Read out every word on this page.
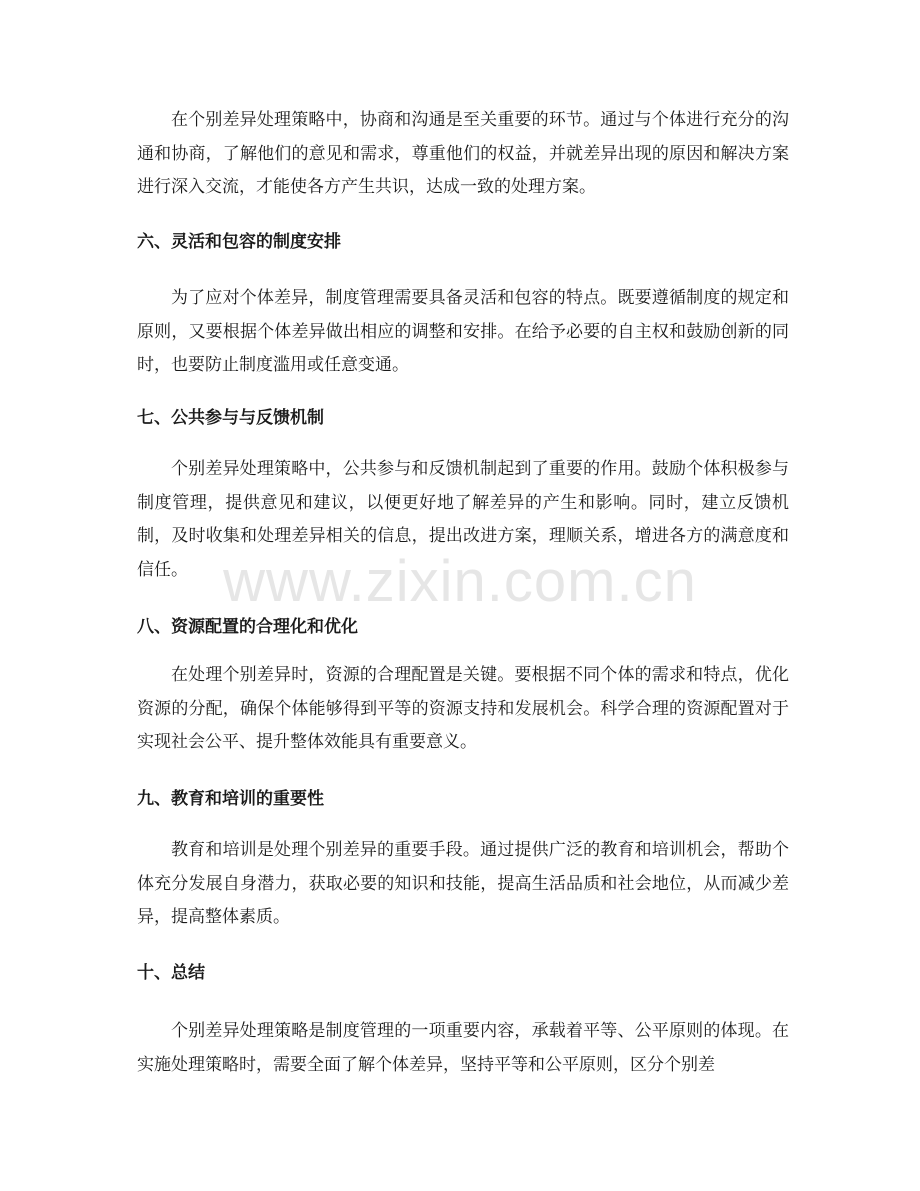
www.zixin.com.cn

在个别差异处理策略中，协商和沟通是至关重要的环节。通过与个体进行充分的沟通和协商，了解他们的意见和需求，尊重他们的权益，并就差异出现的原因和解决方案进行深入交流，才能使各方产生共识，达成一致的处理方案。

六、灵活和包容的制度安排

为了应对个体差异，制度管理需要具备灵活和包容的特点。既要遵循制度的规定和原则，又要根据个体差异做出相应的调整和安排。在给予必要的自主权和鼓励创新的同时，也要防止制度滥用或任意变通。

七、公共参与与反馈机制

个别差异处理策略中，公共参与和反馈机制起到了重要的作用。鼓励个体积极参与制度管理，提供意见和建议，以便更好地了解差异的产生和影响。同时，建立反馈机制，及时收集和处理差异相关的信息，提出改进方案，理顺关系，增进各方的满意度和信任。

八、资源配置的合理化和优化

在处理个别差异时，资源的合理配置是关键。要根据不同个体的需求和特点，优化资源的分配，确保个体能够得到平等的资源支持和发展机会。科学合理的资源配置对于实现社会公平、提升整体效能具有重要意义。

九、教育和培训的重要性

教育和培训是处理个别差异的重要手段。通过提供广泛的教育和培训机会，帮助个体充分发展自身潜力，获取必要的知识和技能，提高生活品质和社会地位，从而减少差异，提高整体素质。

十、总结

个别差异处理策略是制度管理的一项重要内容，承载着平等、公平原则的体现。在实施处理策略时，需要全面了解个体差异，坚持平等和公平原则，区分个别差
